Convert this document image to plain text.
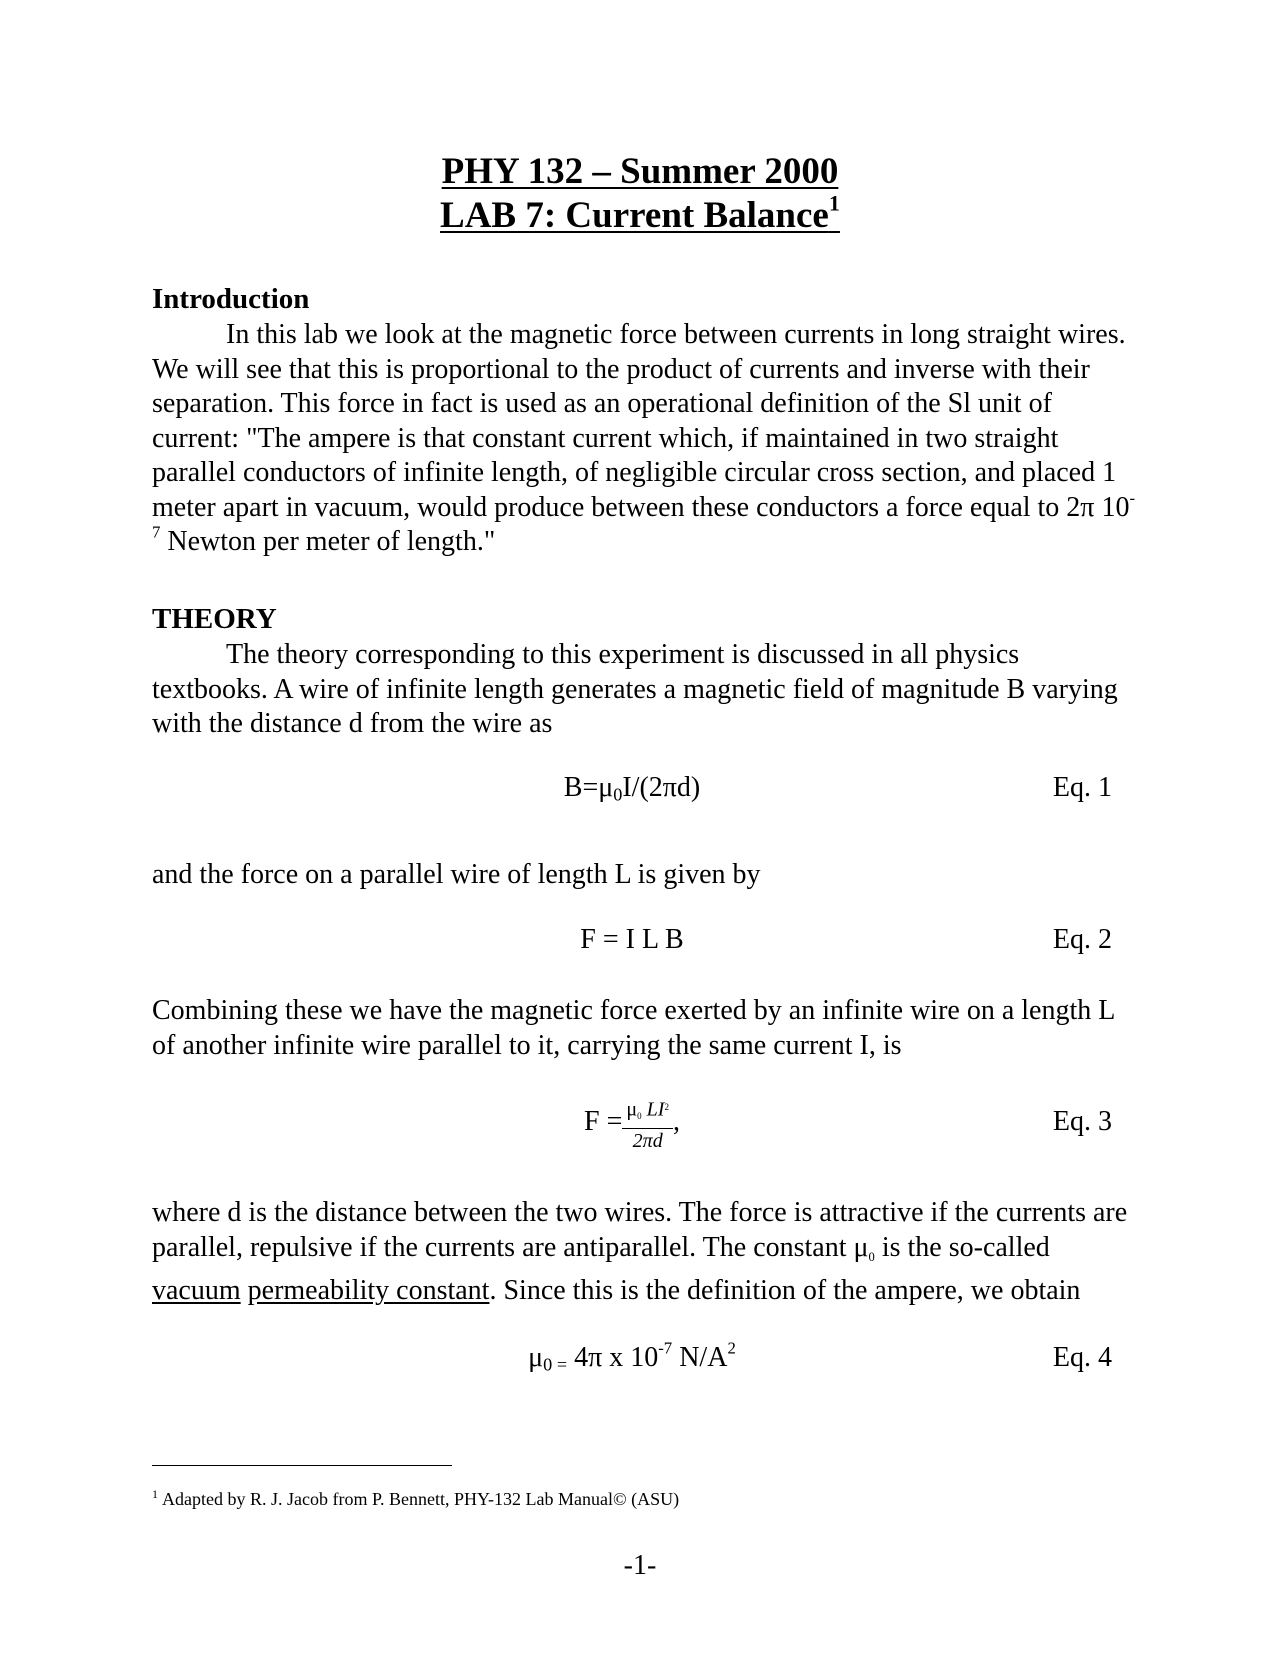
PHY 132 – Summer 2000
LAB 7: Current Balance$^1$
Introduction
In this lab we look at the magnetic force between currents in long straight wires. We will see that this is proportional to the product of currents and inverse with their separation. This force in fact is used as an operational definition of the Sl unit of current: "The ampere is that constant current which, if maintained in two straight parallel conductors of infinite length, of negligible circular cross section, and placed 1 meter apart in vacuum, would produce between these conductors a force equal to 2π $10^{-7}$ Newton per meter of length."
THEORY
The theory corresponding to this experiment is discussed in all physics textbooks. A wire of infinite length generates a magnetic field of magnitude B varying with the distance d from the wire as
$B=\mu_0I/(2\pi d)$	Eq. 1
and the force on a parallel wire of length L is given by
F = I L B	Eq. 2
Combining these we have the magnetic force exerted by an infinite wire on a length L of another infinite wire parallel to it, carrying the same current I, is
$F = \frac{\mu 0 LI^2}{2\pi d}$ ,	Eq. 3
where d is the distance between the two wires. The force is attractive if the currents are parallel, repulsive if the currents are antiparallel. The constant μ0 is the so-called vacuum permeability constant. Since this is the definition of the ampere, we obtain
$\mu_{0 =}$ 4π x $10^{-7}$ $N/A^2$	Eq. 4
$^1$ Adapted by R. J. Jacob from P. Bennett, PHY-132 Lab Manual© (ASU)
-1-
